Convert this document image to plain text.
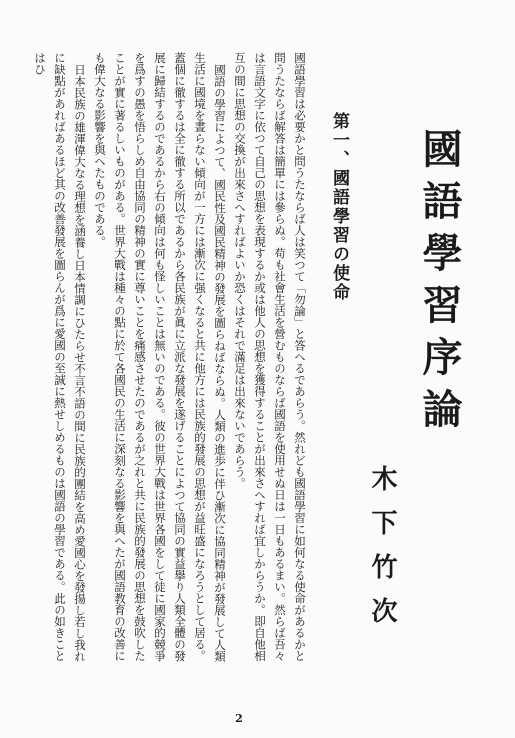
國語學習序論
木下竹次
第一、國語學習の使命

國語學習は必要かと問うたならば人は笑つて「勿論」と答へるであらう。然れども國語學習に如何なる使命があるかと問うたならば解答は簡單には參らぬ。苟も社會生活を營むものならば國語を使用せぬ日は一日もあるまい。然らば吾々は言語文字に依つて自己の思想を表現するか或は他人の思想を獲得することが出來さへすれば宜しからうか。即自他相互の間に思想の交換が出來さへすればよいか恐くはそれで滿足は出來ないであらう。

國語の學習によつて、國民性及國民精神の發展を圖らねばならぬ。人類の進歩に伴ひ漸次に協同精神が發展して人類生活に國境を晝らない傾向が一方には漸次に强くなると共に他方には民族的發展の思想が益旺盛になろうとして居る。蓋個に徹するは全に徹する所以であるから各民族が眞に立派な發展を遂げることによつて協同の實益擧り人類全體の發展に歸結するのであるから右の傾向は何も怪しいことは無いのである。彼の世界大戰は世界各國をして徒に國家的競爭を爲すの愚を悟らしめ自由協同の精神の實に尊いことを痛感させたのであるが之れと共に民族的發展の思想を鼓吹したことが實に著るしいものがある。世界大戰は種々の點に於て各國民の生活に深刻なる影響を與へたが國語教育の改善にも偉大なる影響を與へたものである。

日本民族の雄渾偉大なる理想を涵養し日本情調にひたらせ不言不語の間に民族的團結を高め愛國心を發揚し若し我れに缺點があればあるほど其の改善發展を圖らんが爲に愛國の至誠に熱せしめるものは國語の學習である。此の如きことはひ

2
